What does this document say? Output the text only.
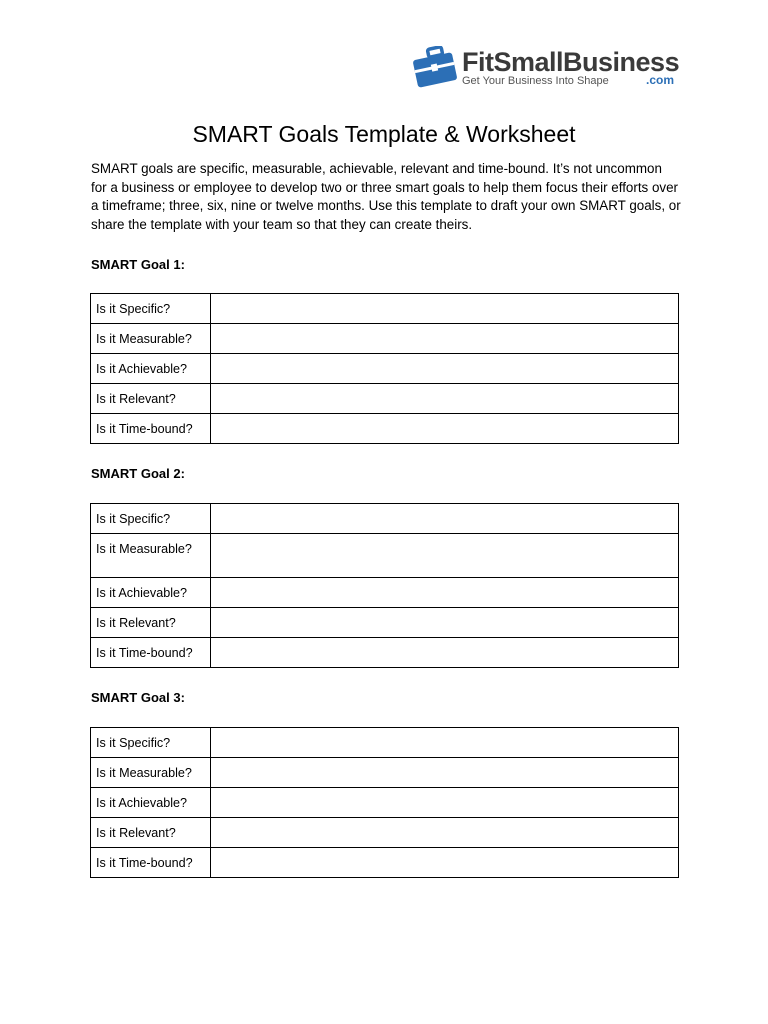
FitSmallBusiness
.com
Get Your Business Into Shape
SMART Goals Template & Worksheet
SMART goals are specific, measurable, achievable, relevant and time-bound. It’s not uncommon for a business or employee to develop two or three smart goals to help them focus their efforts over a timeframe; three, six, nine or twelve months. Use this template to draft your own SMART goals, or share the template with your team so that they can create theirs.
SMART Goal 1:
Is it Specific?	
Is it Measurable?	
Is it Achievable?	
Is it Relevant?	
Is it Time-bound?	
SMART Goal 2:
Is it Specific?	
Is it Measurable?	
Is it Achievable?	
Is it Relevant?	
Is it Time-bound?	
SMART Goal 3:
Is it Specific?	
Is it Measurable?	
Is it Achievable?	
Is it Relevant?	
Is it Time-bound?	
